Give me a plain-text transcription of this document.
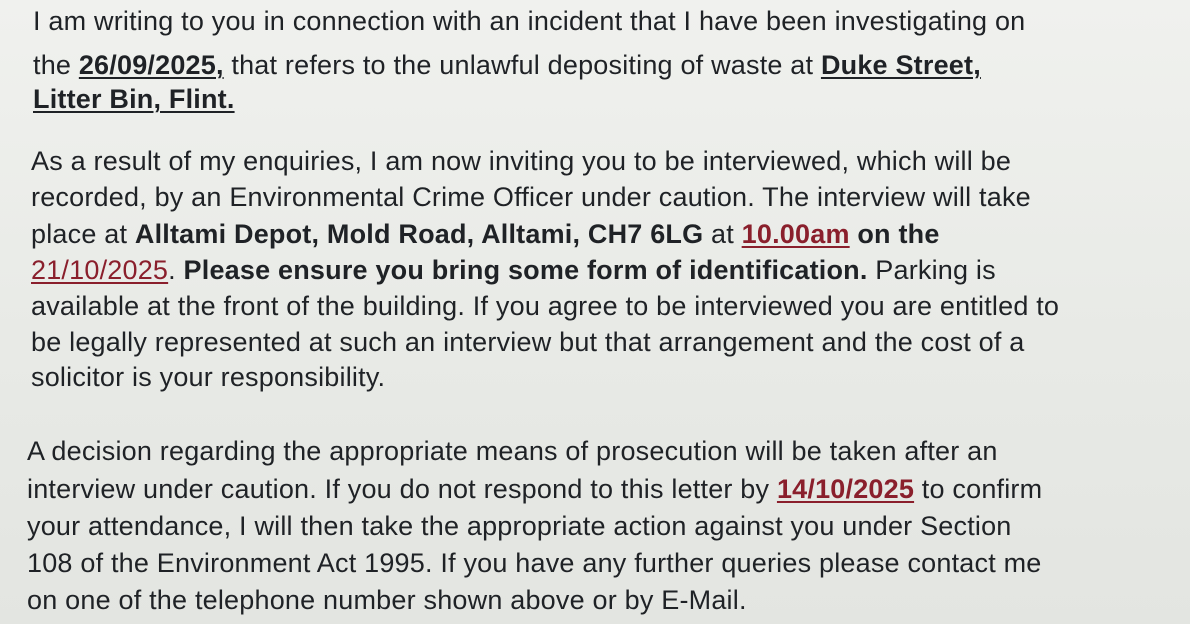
I am writing to you in connection with an incident that I have been investigating on
the 26/09/2025, that refers to the unlawful depositing of waste at Duke Street,
Litter Bin, Flint.
As a result of my enquiries, I am now inviting you to be interviewed, which will be
recorded, by an Environmental Crime Officer under caution. The interview will take
place at Alltami Depot, Mold Road, Alltami, CH7 6LG at 10.00am on the
21/10/2025. Please ensure you bring some form of identification. Parking is
available at the front of the building. If you agree to be interviewed you are entitled to
be legally represented at such an interview but that arrangement and the cost of a
solicitor is your responsibility.
A decision regarding the appropriate means of prosecution will be taken after an
interview under caution. If you do not respond to this letter by 14/10/2025 to confirm
your attendance, I will then take the appropriate action against you under Section
108 of the Environment Act 1995. If you have any further queries please contact me
on one of the telephone number shown above or by E-Mail.
